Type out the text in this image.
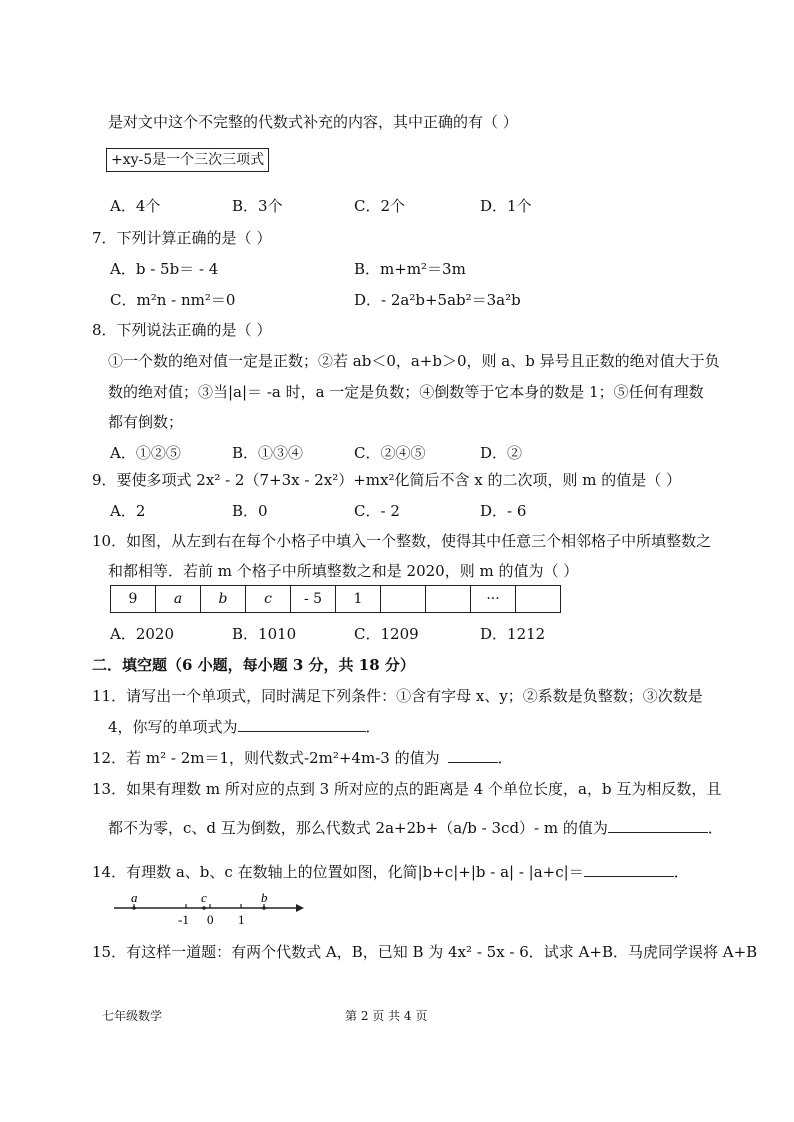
是对文中这个不完整的代数式补充的内容，其中正确的有（ ）
+xy-5是一个三次三项式
A．4个	B．3个	C．2个	D．1个
7．下列计算正确的是（ ）
A．b - 5b＝ - 4	B．m+m²＝3m
C．m²n - nm²＝0	D．- 2a²b+5ab²＝3a²b
8．下列说法正确的是（ ）
①一个数的绝对值一定是正数；②若 ab＜0，a+b＞0，则 a、b 异号且正数的绝对值大于负
数的绝对值；③当|a|＝ -a 时，a 一定是负数；④倒数等于它本身的数是 1；⑤任何有理数
都有倒数；
A．①②⑤	B．①③④	C．②④⑤	D．②
9．要使多项式 2x² - 2（7+3x - 2x²）+mx²化简后不含 x 的二次项，则 m 的值是（ ）
A．2	B．0	C．- 2	D．- 6
10．如图，从左到右在每个小格子中填入一个整数，使得其中任意三个相邻格子中所填整数之
和都相等．若前 m 个格子中所填整数之和是 2020，则 m 的值为（ ）
9	a	b	c	- 5	1			···	
A．2020	B．1010	C．1209	D．1212
二．填空题（6 小题，每小题 3 分，共 18 分）
11．请写出一个单项式，同时满足下列条件：①含有字母 x、y；②系数是负整数；③次数是
4，你写的单项式为	．
12．若 m² - 2m＝1，则代数式-2m²+4m-3 的值为	．
13．如果有理数 m 所对应的点到 3 所对应的点的距离是 4 个单位长度，a，b 互为相反数，且
都不为零，c、d 互为倒数，那么代数式 2a+2b+（a/b - 3cd）- m 的值为	．
14．有理数 a、b、c 在数轴上的位置如图，化简|b+c|+|b - a| - |a+c|＝	．
a	c	b
-1 0 1
15．有这样一道题：有两个代数式 A，B，已知 B 为 4x² - 5x - 6．试求 A+B．马虎同学误将 A+B
七年级数学	第 2 页 共 4 页
